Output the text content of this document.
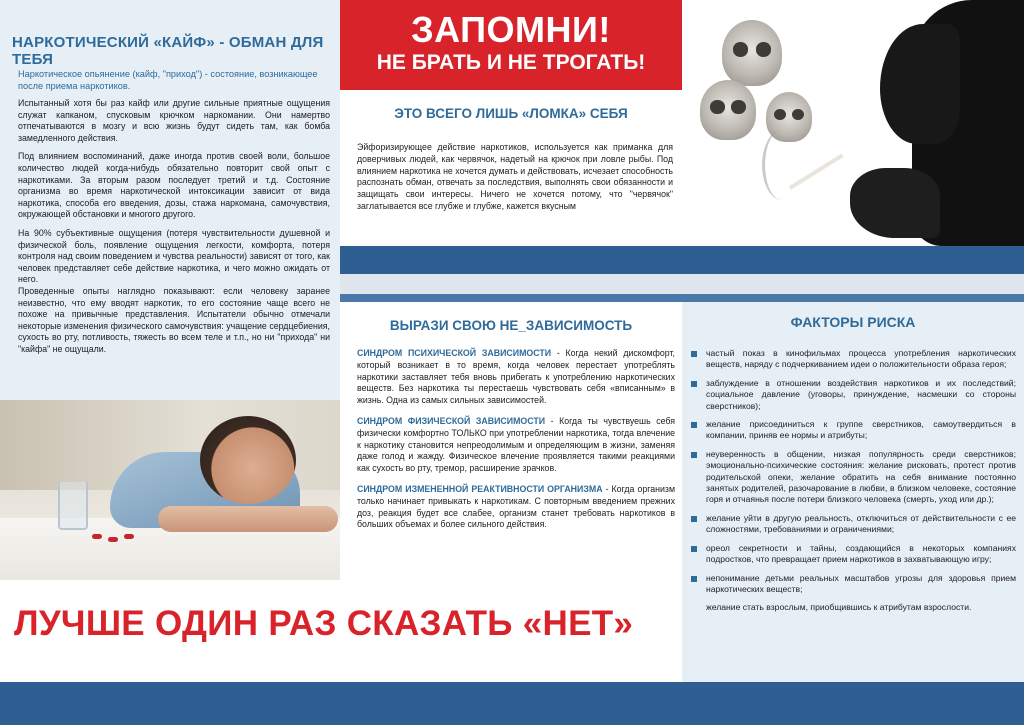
НАРКОТИЧЕСКИЙ «КАЙФ» - ОБМАН ДЛЯ ТЕБЯ
Наркотическое опьянение (кайф, "приход") - состояние, возникающее после приема наркотиков.

Испытанный хотя бы раз кайф или другие сильные приятные ощущения служат капканом, спусковым крючком наркомании. Они намертво отпечатываются в мозгу и всю жизнь будут сидеть там, как бомба замедленного действия.

Под влиянием воспоминаний, даже иногда против своей воли, большое количество людей когда-нибудь обязательно повторит свой опыт с наркотиками. За вторым разом последует третий и т.д. Состояние организма во время наркотической интоксикации зависит от вида наркотика, способа его введения, дозы, стажа наркомана, самочувствия, окружающей обстановки и многого другого.

На 90% субъективные ощущения (потеря чувствительности душевной и физической боль, появление ощущения легкости, комфорта, потеря контроля над своим поведением и чувства реальности) зависят от того, как человек представляет себе действие наркотика, и чего можно ожидать от него.

Проведенные опыты наглядно показывают: если человеку заранее неизвестно, что ему вводят наркотик, то его состояние чаще всего не похоже на привычные представления. Испытатели обычно отмечали некоторые изменения физического самочувствия: учащение сердцебиения, сухость во рту, потливость, тяжесть во всем теле и т.п., но ни "прихода" ни "кайфа" не ощущали.

ЗАПОМНИ!
НЕ БРАТЬ И НЕ ТРОГАТЬ!
ЭТО ВСЕГО ЛИШЬ «ЛОМКА» СЕБЯ
Эйфоризирующее действие наркотиков, используется как приманка для доверчивых людей, как червячок, надетый на крючок при ловле рыбы. Под влиянием наркотика не хочется думать и действовать, исчезает способность распознать обман, отвечать за последствия, выполнять свои обязанности и защищать свои интересы. Ничего не хочется потому, что "червячок" заглатывается все глубже и глубже, кажется вкусным
ВЫРАЗИ СВОЮ НЕ_ЗАВИСИМОСТЬ

СИНДРОМ ПСИХИЧЕСКОЙ ЗАВИСИМОСТИ - Когда некий дискомфорт, который возникает в то время, когда человек перестает употреблять наркотики заставляет тебя вновь прибегать к употреблению наркотических веществ. Без наркотика ты перестаешь чувствовать себя «вписанным» в жизнь. Одна из самых сильных зависимостей.

СИНДРОМ ФИЗИЧЕСКОЙ ЗАВИСИМОСТИ - Когда ты чувствуешь себя физически комфортно ТОЛЬКО при употреблении наркотика, тогда влечение к наркотику становится непреодолимым и определяющим в жизни, заменяя даже голод и жажду. Физическое влечение проявляется такими реакциями как сухость во рту, тремор, расширение зрачков.

СИНДРОМ ИЗМЕНЕННОЙ РЕАКТИВНОСТИ ОРГАНИЗМА - Когда организм только начинает привыкать к наркотикам. С повторным введением прежних доз, реакция будет все слабее, организм станет требовать наркотиков в больших объемах и более сильного действия.

ФАКТОРЫ РИСКА
частый показ в кинофильмах процесса употребления наркотических веществ, наряду с подчеркиванием идеи о положительности образа героя;
заблуждение в отношении воздействия наркотиков и их последствий; социальное давление (уговоры, принуждение, насмешки со стороны сверстников);
желание присоединиться к группе сверстников, самоутвердиться в компании, приняв ее нормы и атрибуты;
неуверенность в общении, низкая популярность среди сверстников; эмоционально-психические состояния: желание рисковать, протест против родительской опеки, желание обратить на себя внимание постоянно занятых родителей, разочарование в любви, в близком человеке, состояние горя и отчаянья после потери близкого человека (смерть, уход или др.);
желание уйти в другую реальность, отключиться от действительности с ее сложностями, требованиями и ограничениями;
ореол секретности и тайны, создающийся в некоторых компаниях подростков, что превращает прием наркотиков в захватывающую игру;
непонимание детьми реальных масштабов угрозы для здоровья прием наркотических веществ;
желание стать взрослым, приобщившись к атрибутам взрослости.
ЛУЧШЕ ОДИН РАЗ СКАЗАТЬ «НЕТ»
